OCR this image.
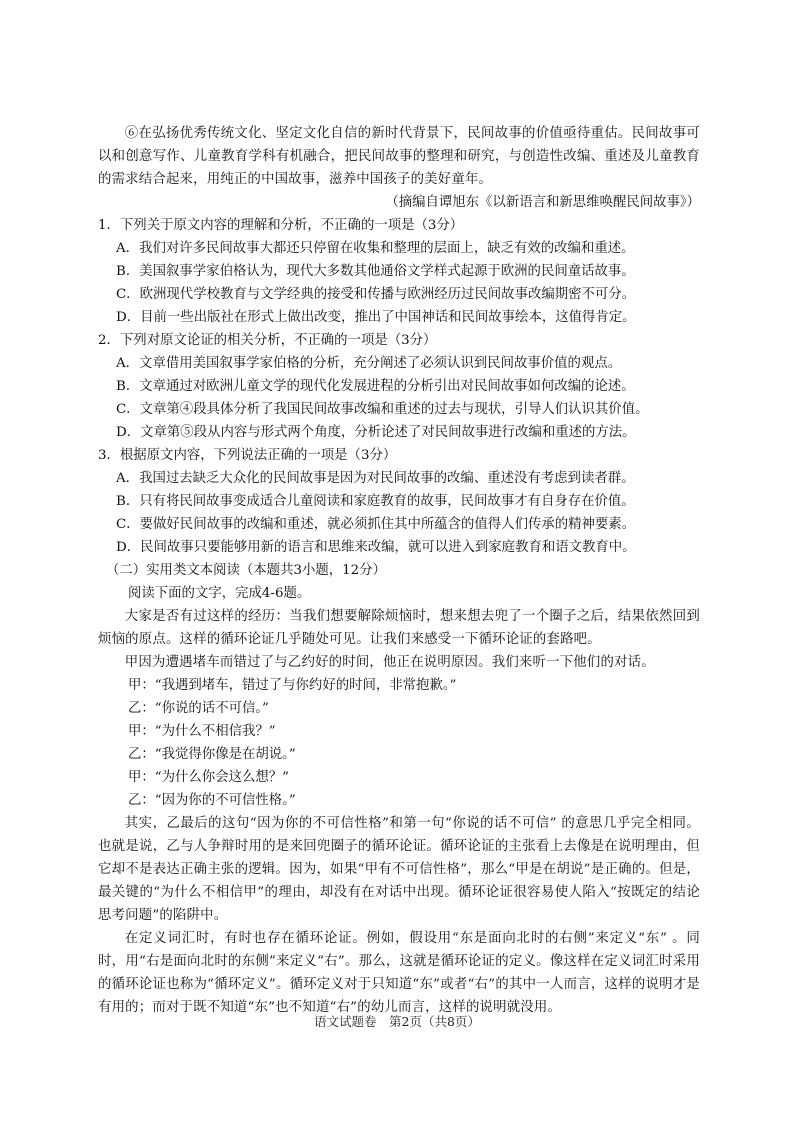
⑥在弘扬优秀传统文化、坚定文化自信的新时代背景下，民间故事的价值亟待重估。民间故事可以和创意写作、儿童教育学科有机融合，把民间故事的整理和研究，与创造性改编、重述及儿童教育的需求结合起来，用纯正的中国故事，滋养中国孩子的美好童年。

（摘编自谭旭东《以新语言和新思维唤醒民间故事》）

1．下列关于原文内容的理解和分析，不正确的一项是（3分）

A．我们对许多民间故事大都还只停留在收集和整理的层面上，缺乏有效的改编和重述。

B．美国叙事学家伯格认为，现代大多数其他通俗文学样式起源于欧洲的民间童话故事。

C．欧洲现代学校教育与文学经典的接受和传播与欧洲经历过民间故事改编期密不可分。

D．目前一些出版社在形式上做出改变，推出了中国神话和民间故事绘本，这值得肯定。

2．下列对原文论证的相关分析，不正确的一项是（3分）

A．文章借用美国叙事学家伯格的分析，充分阐述了必须认识到民间故事价值的观点。

B．文章通过对欧洲儿童文学的现代化发展进程的分析引出对民间故事如何改编的论述。

C．文章第④段具体分析了我国民间故事改编和重述的过去与现状，引导人们认识其价值。

D．文章第⑤段从内容与形式两个角度，分析论述了对民间故事进行改编和重述的方法。

3．根据原文内容，下列说法正确的一项是（3分）

A．我国过去缺乏大众化的民间故事是因为对民间故事的改编、重述没有考虑到读者群。

B．只有将民间故事变成适合儿童阅读和家庭教育的故事，民间故事才有自身存在价值。

C．要做好民间故事的改编和重述，就必须抓住其中所蕴含的值得人们传承的精神要素。

D．民间故事只要能够用新的语言和思维来改编，就可以进入到家庭教育和语文教育中。

（二）实用类文本阅读（本题共3小题，12分）

阅读下面的文字，完成4-6题。

大家是否有过这样的经历：当我们想要解除烦恼时，想来想去兜了一个圈子之后，结果依然回到烦恼的原点。这样的循环论证几乎随处可见。让我们来感受一下循环论证的套路吧。

甲因为遭遇堵车而错过了与乙约好的时间，他正在说明原因。我们来听一下他们的对话。

甲：“我遇到堵车，错过了与你约好的时间，非常抱歉。”

乙：“你说的话不可信。”

甲：“为什么不相信我？”

乙：“我觉得你像是在胡说。”

甲：“为什么你会这么想？”

乙：“因为你的不可信性格。”

其实，乙最后的这句“因为你的不可信性格”和第一句“你说的话不可信” 的意思几乎完全相同。也就是说，乙与人争辩时用的是来回兜圈子的循环论证。循环论证的主张看上去像是在说明理由，但它却不是表达正确主张的逻辑。因为，如果“甲有不可信性格”，那么“甲是在胡说”是正确的。但是，最关键的“为什么不相信甲”的理由，却没有在对话中出现。循环论证很容易使人陷入“按既定的结论思考问题”的陷阱中。

在定义词汇时，有时也存在循环论证。例如，假设用“东是面向北时的右侧”来定义“东” 。同时，用“右是面向北时的东侧”来定义“右”。那么，这就是循环论证的定义。像这样在定义词汇时采用的循环论证也称为“循环定义”。循环定义对于只知道“东”或者“右”的其中一人而言，这样的说明才是有用的；而对于既不知道“东”也不知道“右”的幼儿而言，这样的说明就没用。

语文试题卷　第2页（共8页）
